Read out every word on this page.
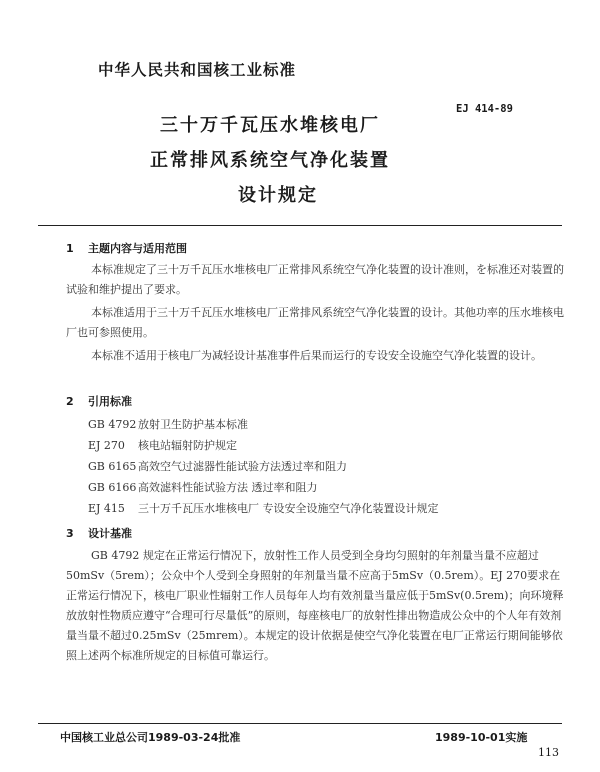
中华人民共和国核工业标准
EJ 414-89
三十万千瓦压水堆核电厂
正常排风系统空气净化装置
设计规定
1 主题内容与适用范围
本标准规定了三十万千瓦压水堆核电厂正常排风系统空气净化装置的设计准则，を标准还对装置的试验和维护提出了要求。
本标准适用于三十万千瓦压水堆核电厂正常排风系统空气净化装置的设计。其他功率的压水堆核电厂也可参照使用。
本标准不适用于核电厂为减轻设计基准事件后果而运行的专设安全设施空气净化装置的设计。
2 引用标准
GB 4792 放射卫生防护基本标准
EJ 270 核电站辐射防护规定
GB 6165 高效空气过滤器性能试验方法透过率和阻力
GB 6166 高效滤料性能试验方法 透过率和阻力
EJ 415 三十万千瓦压水堆核电厂 专设安全设施空气净化装置设计规定
3 设计基准
GB 4792 规定在正常运行情况下，放射性工作人员受到全身均匀照射的年剂量当量不应超过50mSv（5rem）；公众中个人受到全身照射的年剂量当量不应高于5mSv（0.5rem）。EJ 270要求在正常运行情况下，核电厂职业性辐射工作人员每年人均有效剂量当量应低于5mSv(0.5rem)；向环境释放放射性物质应遵守“合理可行尽量低”的原则，每座核电厂的放射性排出物造成公众中的个人年有效剂量当量不超过0.25mSv（25mrem）。本规定的设计依据是使空气净化装置在电厂正常运行期间能够依照上述两个标准所规定的目标值可靠运行。
中国核工业总公司1989-03-24批准	1989-10-01实施
113
